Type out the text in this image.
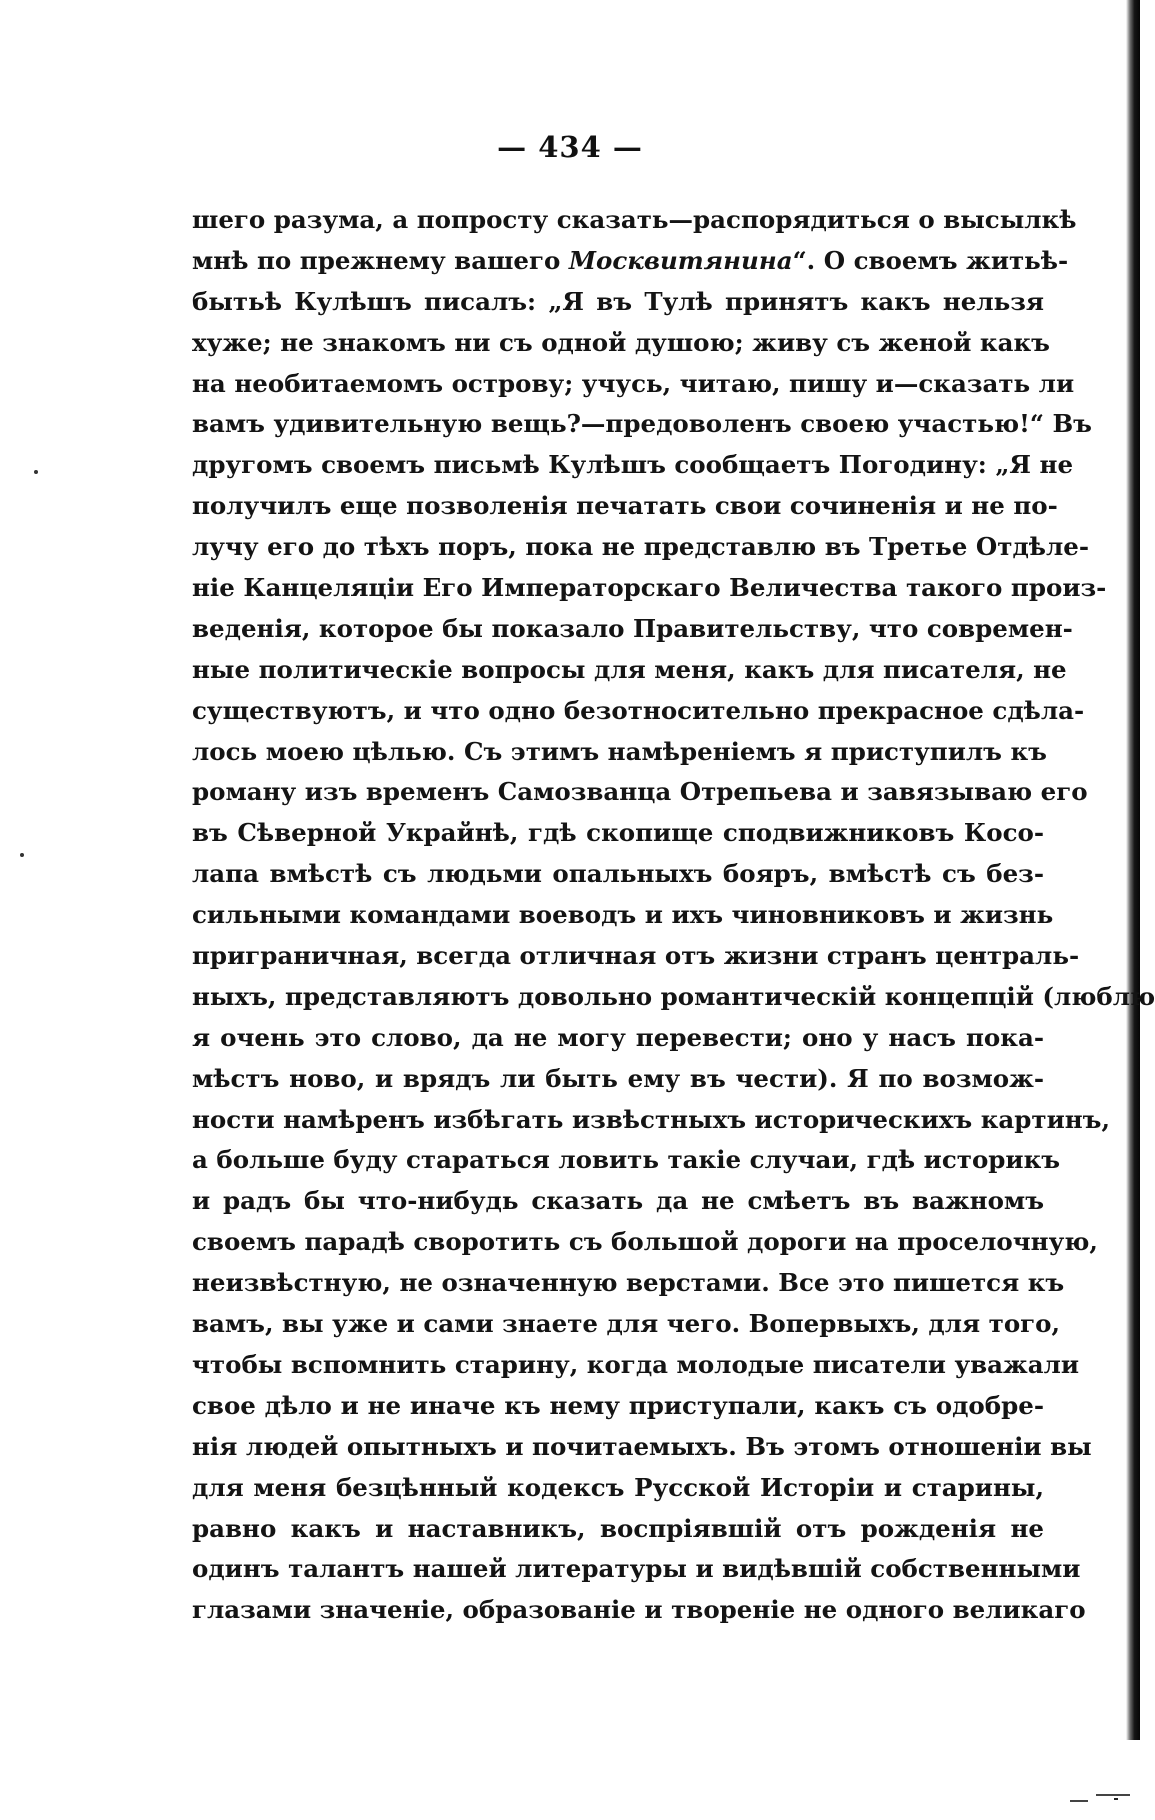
— 434 —
шего разума, а попросту сказать—распорядиться о высылкѣ
мнѣ по прежнему вашего Москвитянина“. О своемъ житьѣ-
бытьѣ Кулѣшъ писалъ: „Я въ Тулѣ принятъ какъ нельзя
хуже; не знакомъ ни съ одной душою; живу съ женой какъ
на необитаемомъ острову; учусь, читаю, пишу и—сказать ли
вамъ удивительную вещь?—предоволенъ своею участью!“ Въ
другомъ своемъ письмѣ Кулѣшъ сообщаетъ Погодину: „Я не
получилъ еще позволенія печатать свои сочиненія и не по-
лучу его до тѣхъ поръ, пока не представлю въ Третье Отдѣле-
ніе Канцеляціи Его Императорскаго Величества такого произ-
веденія, которое бы показало Правительству, что современ-
ные политическіе вопросы для меня, какъ для писателя, не
существуютъ, и что одно безотносительно прекрасное сдѣла-
лось моею цѣлью. Съ этимъ намѣреніемъ я приступилъ къ
роману изъ временъ Самозванца Отрепьева и завязываю его
въ Сѣверной Украйнѣ, гдѣ скопище сподвижниковъ Косо-
лапа вмѣстѣ съ людьми опальныхъ бояръ, вмѣстѣ съ без-
сильными командами воеводъ и ихъ чиновниковъ и жизнь
приграничная, всегда отличная отъ жизни странъ централь-
ныхъ, представляютъ довольно романтическій концепцій (люблю
я очень это слово, да не могу перевести; оно у насъ пока-
мѣстъ ново, и врядъ ли быть ему въ чести). Я по возмож-
ности намѣренъ избѣгать извѣстныхъ историческихъ картинъ,
а больше буду стараться ловить такіе случаи, гдѣ историкъ
и радъ бы что-нибудь сказать да не смѣетъ въ важномъ
своемъ парадѣ своротить съ большой дороги на проселочную,
неизвѣстную, не означенную верстами. Все это пишется къ
вамъ, вы уже и сами знаете для чего. Вопервыхъ, для того,
чтобы вспомнить старину, когда молодые писатели уважали
свое дѣло и не иначе къ нему приступали, какъ съ одобре-
нія людей опытныхъ и почитаемыхъ. Въ этомъ отношеніи вы
для меня безцѣнный кодексъ Русской Исторіи и старины,
равно какъ и наставникъ, воспріявшій отъ рожденія не
одинъ талантъ нашей литературы и видѣвшій собственными
глазами значеніе, образованіе и твореніе не одного великаго
